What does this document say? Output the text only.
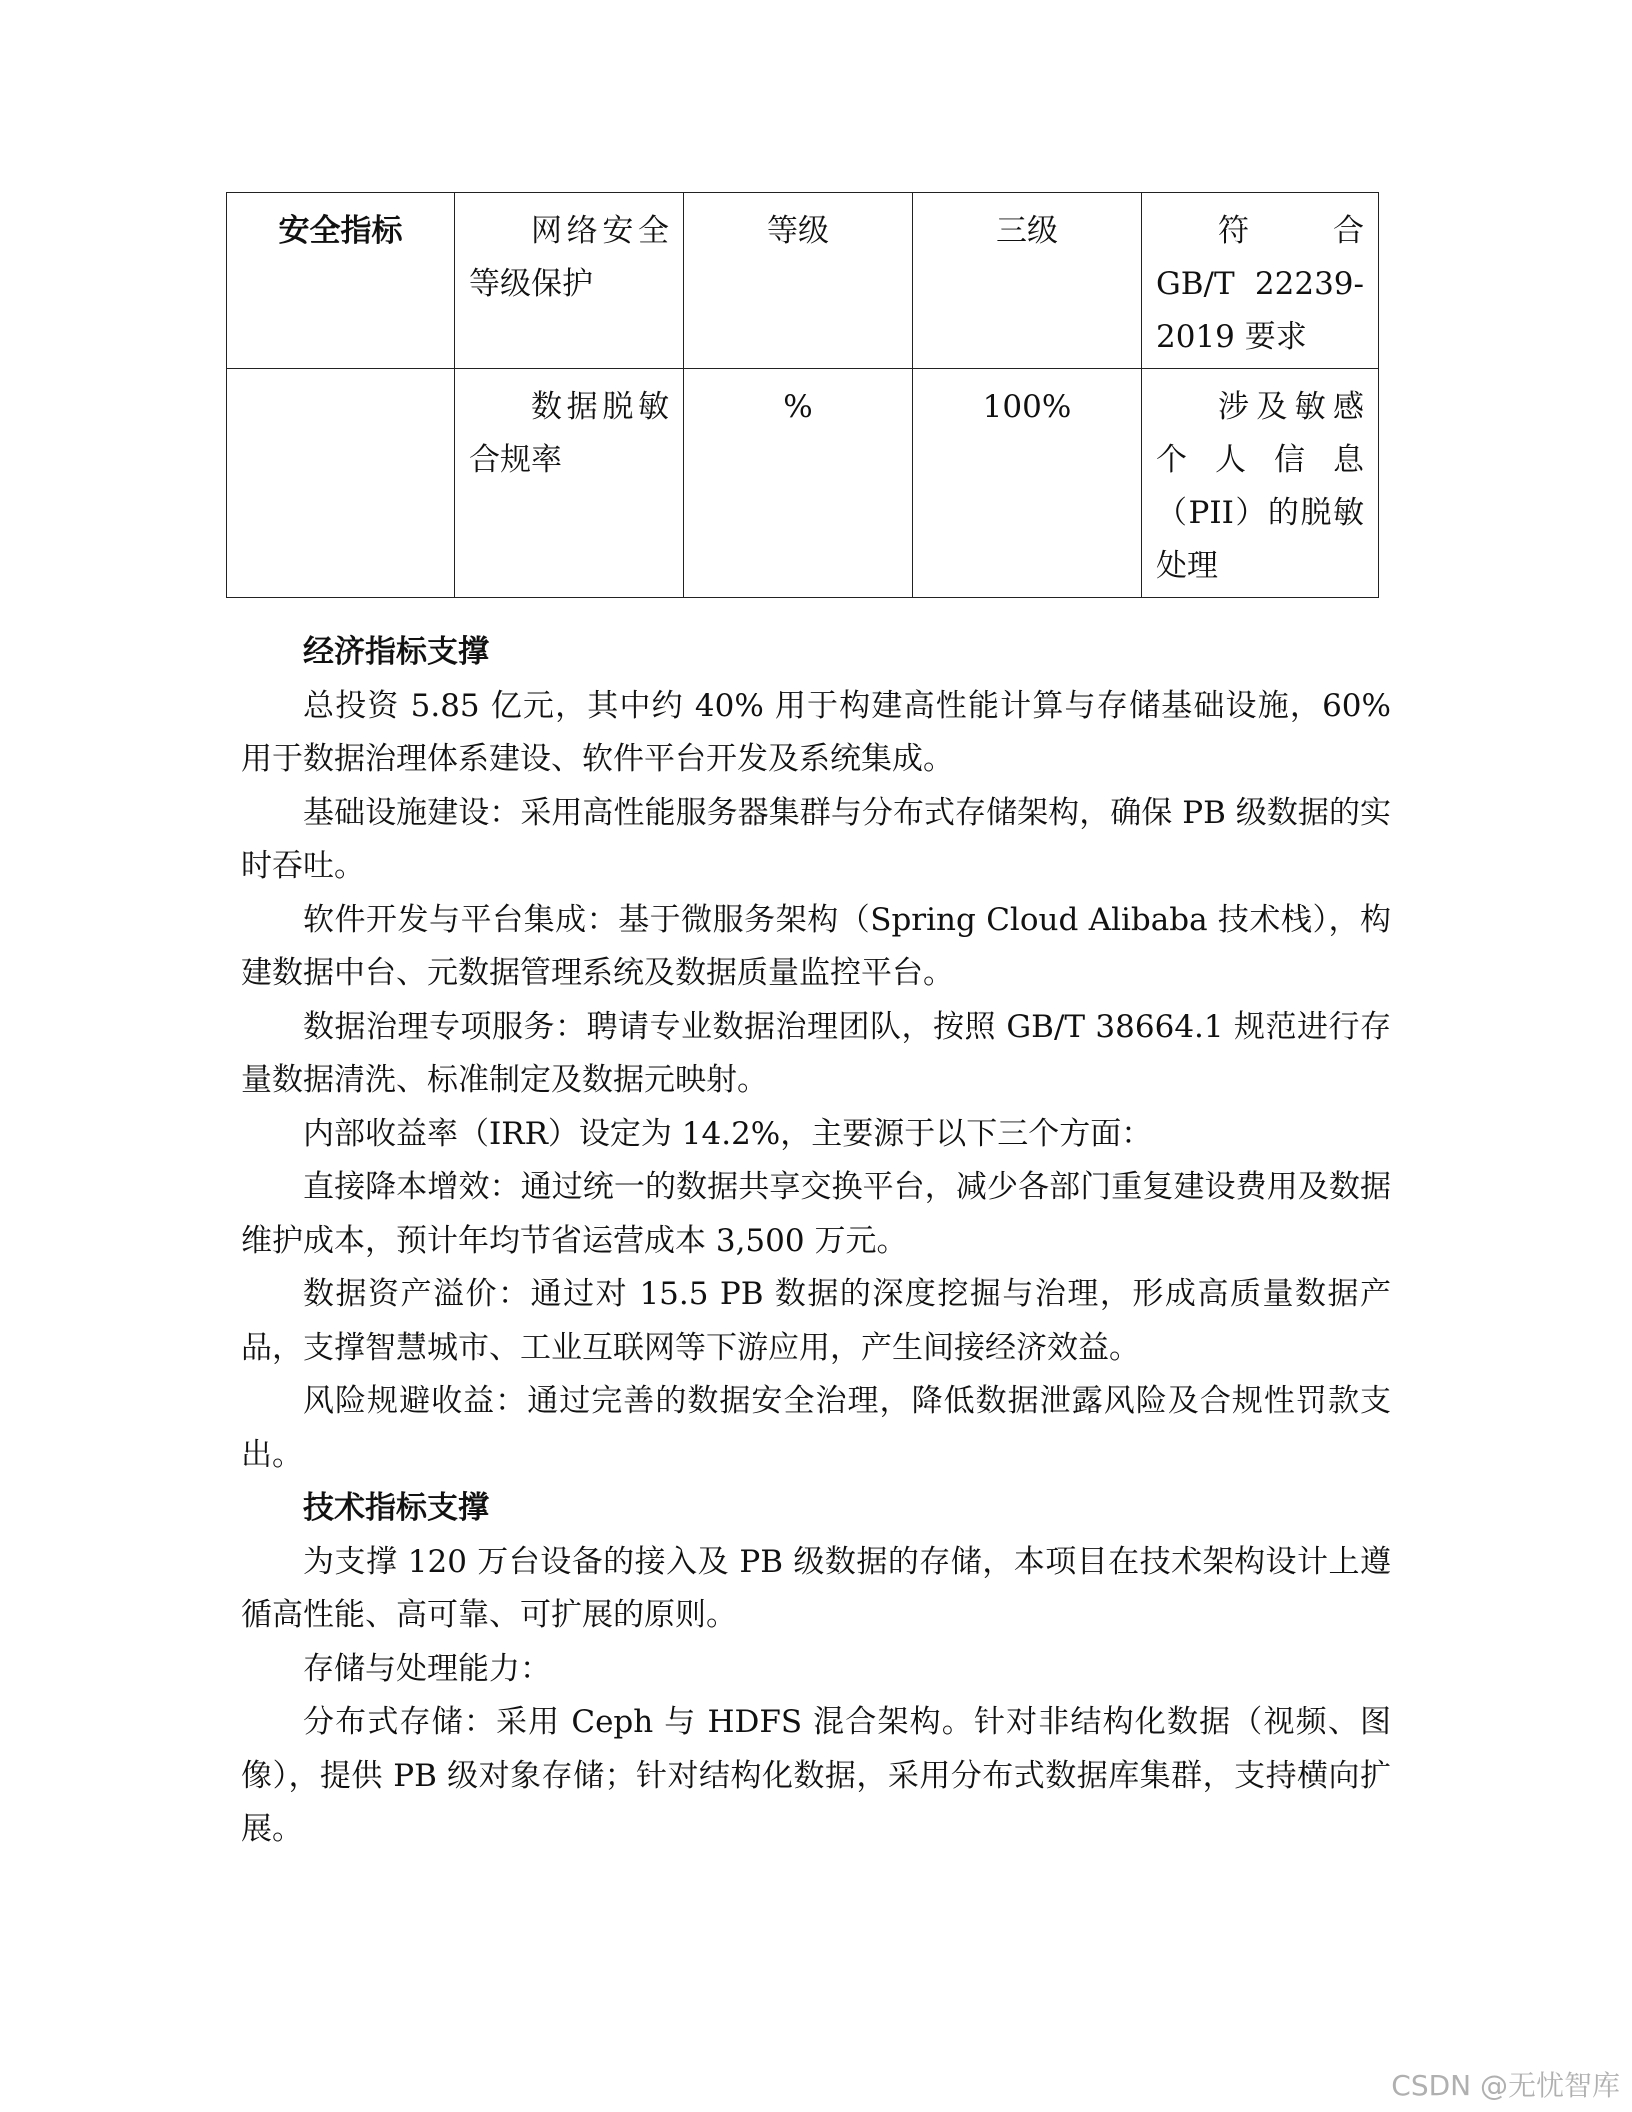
安全指标	网络安全等级保护	等级	三级	符合 GB/T 22239-2019 要求
	数据脱敏合规率	%	100%	涉及敏感个人信息（PII）的脱敏处理

经济指标支撑

总投资 5.85 亿元，其中约 40% 用于构建高性能计算与存储基础设施，60% 用于数据治理体系建设、软件平台开发及系统集成。

基础设施建设：采用高性能服务器集群与分布式存储架构，确保 PB 级数据的实时吞吐。

软件开发与平台集成：基于微服务架构（Spring Cloud Alibaba 技术栈），构建数据中台、元数据管理系统及数据质量监控平台。

数据治理专项服务：聘请专业数据治理团队，按照 GB/T 38664.1 规范进行存量数据清洗、标准制定及数据元映射。

内部收益率（IRR）设定为 14.2%，主要源于以下三个方面：

直接降本增效：通过统一的数据共享交换平台，减少各部门重复建设费用及数据维护成本，预计年均节省运营成本 3,500 万元。

数据资产溢价：通过对 15.5 PB 数据的深度挖掘与治理，形成高质量数据产品，支撑智慧城市、工业互联网等下游应用，产生间接经济效益。

风险规避收益：通过完善的数据安全治理，降低数据泄露风险及合规性罚款支出。

技术指标支撑

为支撑 120 万台设备的接入及 PB 级数据的存储，本项目在技术架构设计上遵循高性能、高可靠、可扩展的原则。

存储与处理能力：

分布式存储：采用 Ceph 与 HDFS 混合架构。针对非结构化数据（视频、图像），提供 PB 级对象存储；针对结构化数据，采用分布式数据库集群，支持横向扩展。

CSDN @无忧智库
